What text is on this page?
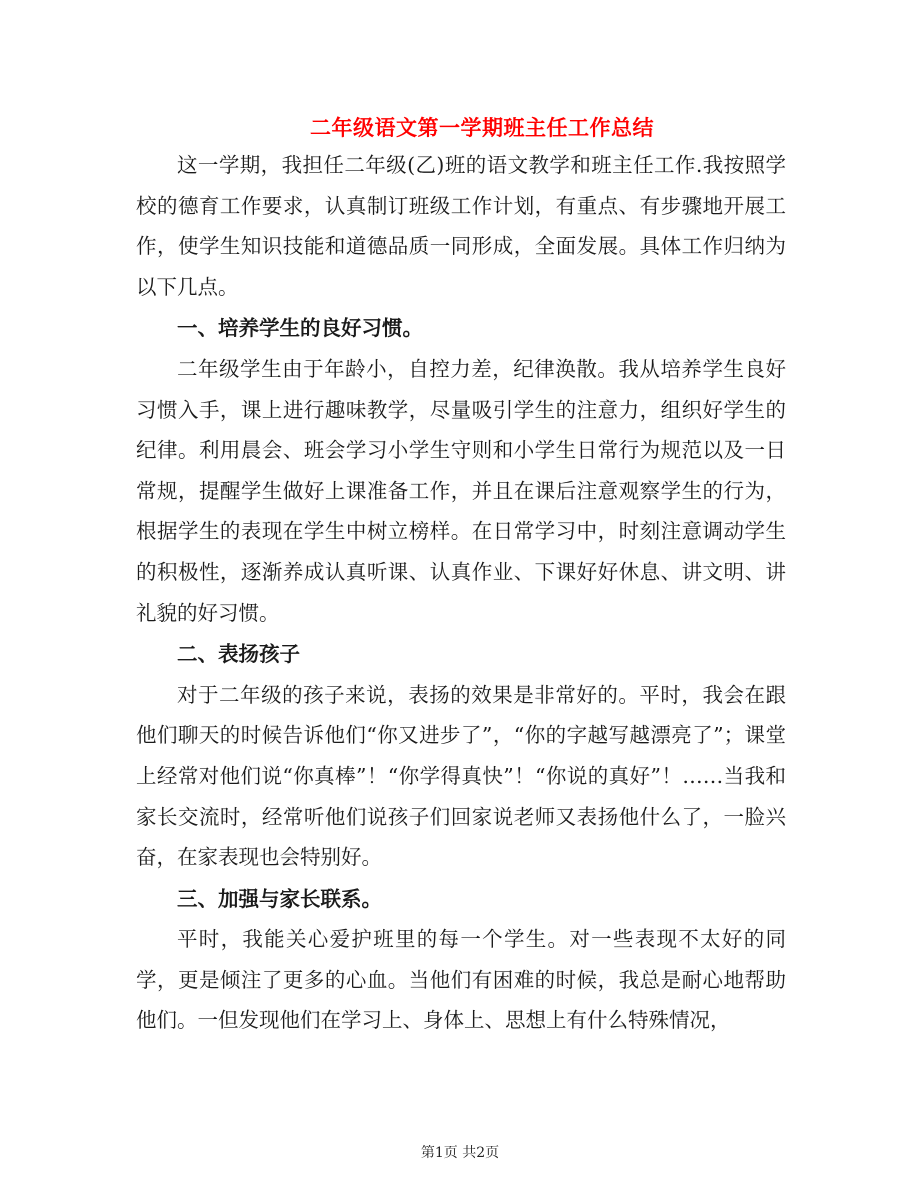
二年级语文第一学期班主任工作总结

这一学期，我担任二年级(乙)班的语文教学和班主任工作.我按照学校的德育工作要求，认真制订班级工作计划，有重点、有步骤地开展工作，使学生知识技能和道德品质一同形成，全面发展。具体工作归纳为以下几点。

一、培养学生的良好习惯。

二年级学生由于年龄小，自控力差，纪律涣散。我从培养学生良好习惯入手，课上进行趣味教学，尽量吸引学生的注意力，组织好学生的纪律。利用晨会、班会学习小学生守则和小学生日常行为规范以及一日常规，提醒学生做好上课准备工作，并且在课后注意观察学生的行为，根据学生的表现在学生中树立榜样。在日常学习中，时刻注意调动学生的积极性，逐渐养成认真听课、认真作业、下课好好休息、讲文明、讲礼貌的好习惯。

二、表扬孩子

对于二年级的孩子来说，表扬的效果是非常好的。平时，我会在跟他们聊天的时候告诉他们“你又进步了”，“你的字越写越漂亮了”；课堂上经常对他们说“你真棒”！“你学得真快”！“你说的真好”！……当我和家长交流时，经常听他们说孩子们回家说老师又表扬他什么了，一脸兴奋，在家表现也会特别好。

三、加强与家长联系。

平时，我能关心爱护班里的每一个学生。对一些表现不太好的同学，更是倾注了更多的心血。当他们有困难的时候，我总是耐心地帮助他们。一但发现他们在学习上、身体上、思想上有什么特殊情况，

第1页 共2页
